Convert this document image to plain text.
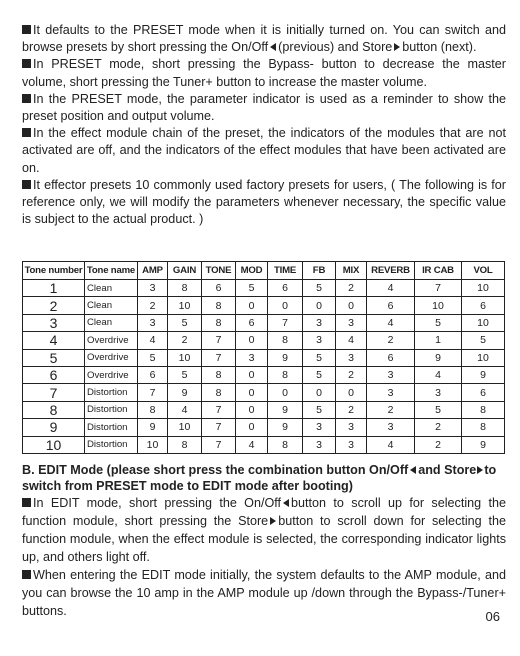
It defaults to the PRESET mode when it is initially turned on. You can switch and browse presets by short pressing the On/Off (previous) and Store button (next).

In PRESET mode, short pressing the Bypass- button to decrease the master volume, short pressing the Tuner+ button to increase the master volume.

In the PRESET mode, the parameter indicator is used as a reminder to show the preset position and output volume.

In the effect module chain of the preset, the indicators of the modules that are not activated are off, and the indicators of the effect modules that have been activated are on.

It effector presets 10 commonly used factory presets for users, ( The following is for reference only, we will modify the parameters whenever necessary, the specific value is subject to the actual product. )

Tone number	Tone name	AMP	GAIN	TONE	MOD	TIME	FB	MIX	REVERB	IR CAB	VOL
1	Clean	3	8	6	5	6	5	2	4	7	10
2	Clean	2	10	8	0	0	0	0	6	10	6
3	Clean	3	5	8	6	7	3	3	4	5	10
4	Overdrive	4	2	7	0	8	3	4	2	1	5
5	Overdrive	5	10	7	3	9	5	3	6	9	10
6	Overdrive	6	5	8	0	8	5	2	3	4	9
7	Distortion	7	9	8	0	0	0	0	3	3	6
8	Distortion	8	4	7	0	9	5	2	2	5	8
9	Distortion	9	10	7	0	9	3	3	3	2	8
10	Distortion	10	8	7	4	8	3	3	4	2	9
B. EDIT Mode (please short press the combination button On/Off and Store to switch from PRESET mode to EDIT mode after booting)

In EDIT mode, short pressing the On/Off button to scroll up for selecting the function module, short pressing the Store button to scroll down for selecting the function module, when the effect module is selected, the corresponding indicator lights up, and others light off.

When entering the EDIT mode initially, the system defaults to the AMP module, and you can browse the 10 amp in the AMP module up /down through the Bypass-/Tuner+ buttons.	06
